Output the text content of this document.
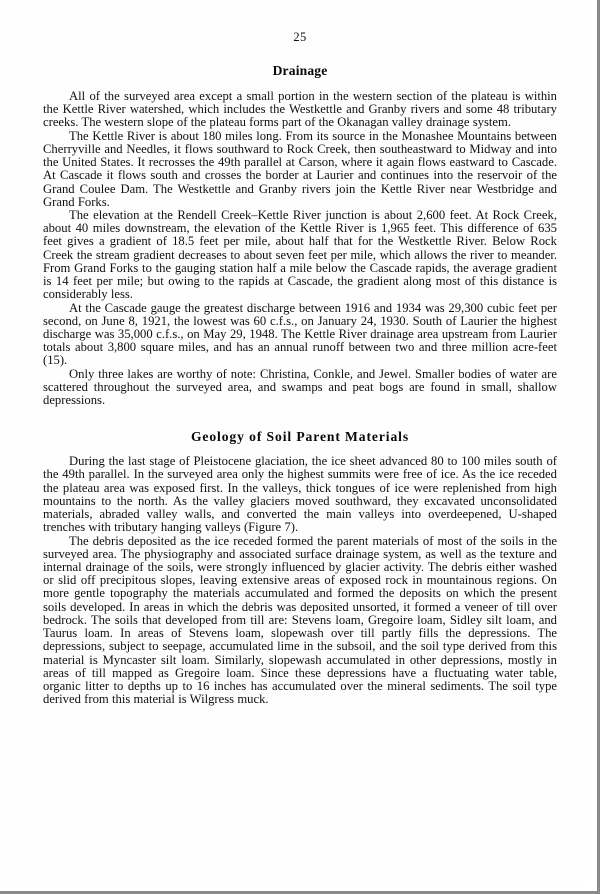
25
Drainage

All of the surveyed area except a small portion in the western section of the plateau is within the Kettle River watershed, which includes the Westkettle and Granby rivers and some 48 tributary creeks. The western slope of the plateau forms part of the Okanagan valley drainage system.

The Kettle River is about 180 miles long. From its source in the Monashee Mountains between Cherryville and Needles, it flows southward to Rock Creek, then southeastward to Midway and into the United States. It recrosses the 49th parallel at Carson, where it again flows eastward to Cascade. At Cascade it flows south and crosses the border at Laurier and continues into the reservoir of the Grand Coulee Dam. The Westkettle and Granby rivers join the Kettle River near Westbridge and Grand Forks.

The elevation at the Rendell Creek–Kettle River junction is about 2,600 feet. At Rock Creek, about 40 miles downstream, the elevation of the Kettle River is 1,965 feet. This difference of 635 feet gives a gradient of 18.5 feet per mile, about half that for the Westkettle River. Below Rock Creek the stream gradient decreases to about seven feet per mile, which allows the river to meander. From Grand Forks to the gauging station half a mile below the Cascade rapids, the average gradient is 14 feet per mile; but owing to the rapids at Cascade, the gradient along most of this distance is considerably less.

At the Cascade gauge the greatest discharge between 1916 and 1934 was 29,300 cubic feet per second, on June 8, 1921, the lowest was 60 c.f.s., on January 24, 1930. South of Laurier the highest discharge was 35,000 c.f.s., on May 29, 1948. The Kettle River drainage area upstream from Laurier totals about 3,800 square miles, and has an annual runoff between two and three million acre-feet (15).

Only three lakes are worthy of note: Christina, Conkle, and Jewel. Smaller bodies of water are scattered throughout the surveyed area, and swamps and peat bogs are found in small, shallow depressions.

Geology of Soil Parent Materials

During the last stage of Pleistocene glaciation, the ice sheet advanced 80 to 100 miles south of the 49th parallel. In the surveyed area only the highest summits were free of ice. As the ice receded the plateau area was exposed first. In the valleys, thick tongues of ice were replenished from high mountains to the north. As the valley glaciers moved southward, they excavated unconsolidated materials, abraded valley walls, and converted the main valleys into overdeepened, U-shaped trenches with tributary hanging valleys (Figure 7).

The debris deposited as the ice receded formed the parent materials of most of the soils in the surveyed area. The physiography and associated surface drainage system, as well as the texture and internal drainage of the soils, were strongly influenced by glacier activity. The debris either washed or slid off precipitous slopes, leaving extensive areas of exposed rock in mountainous regions. On more gentle topography the materials accumulated and formed the deposits on which the present soils developed. In areas in which the debris was deposited unsorted, it formed a veneer of till over bedrock. The soils that developed from till are: Stevens loam, Gregoire loam, Sidley silt loam, and Taurus loam. In areas of Stevens loam, slopewash over till partly fills the depressions. The depressions, subject to seepage, accumulated lime in the subsoil, and the soil type derived from this material is Myncaster silt loam. Similarly, slopewash accumulated in other depressions, mostly in areas of till mapped as Gregoire loam. Since these depressions have a fluctuating water table, organic litter to depths up to 16 inches has accumulated over the mineral sediments. The soil type derived from this material is Wilgress muck.
